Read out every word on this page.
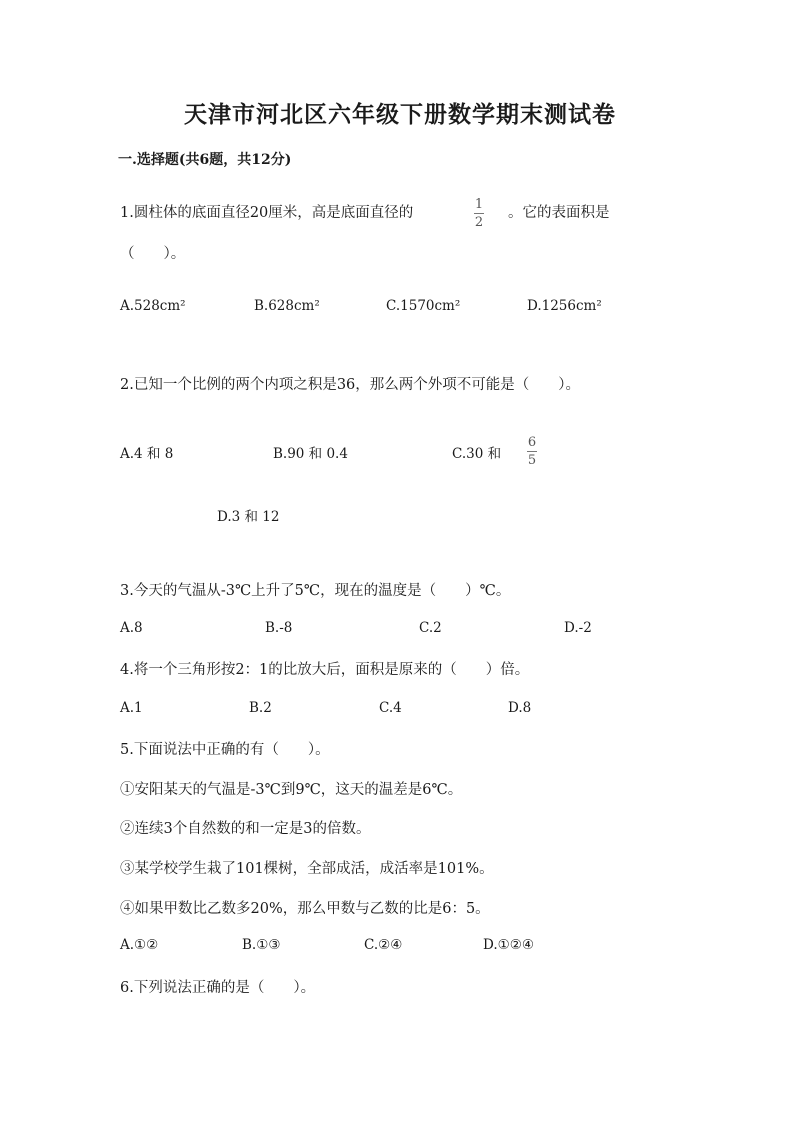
天津市河北区六年级下册数学期末测试卷
一.选择题(共6题，共12分)
1.圆柱体的底面直径20厘米，高是底面直径的
1
2
。它的表面积是
（　　）。
A.528cm²	B.628cm²	C.1570cm²	D.1256cm²
2.已知一个比例的两个内项之积是36，那么两个外项不可能是（　　）。
A.4 和 8	B.90 和 0.4	C.30 和
6
5
D.3 和 12
3.今天的气温从-3℃上升了5℃，现在的温度是（　　）℃。
A.8	B.-8	C.2	D.-2
4.将一个三角形按2：1的比放大后，面积是原来的（　　）倍。
A.1	B.2	C.4	D.8
5.下面说法中正确的有（　　）。
①安阳某天的气温是-3℃到9℃，这天的温差是6℃。
②连续3个自然数的和一定是3的倍数。
③某学校学生栽了101棵树，全部成活，成活率是101%。
④如果甲数比乙数多20%，那么甲数与乙数的比是6：5。
A.①②	B.①③	C.②④	D.①②④
6.下列说法正确的是（　　）。
